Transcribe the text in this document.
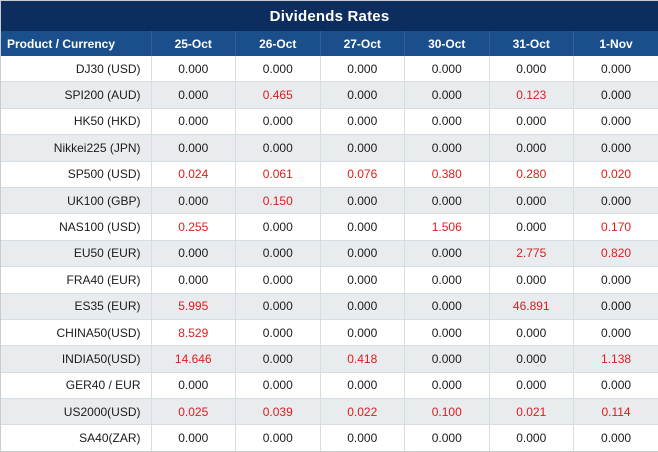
Dividends Rates						
Product / Currency	25-Oct	26-Oct	27-Oct	30-Oct	31-Oct	1-Nov
DJ30 (USD)	0.000	0.000	0.000	0.000	0.000	0.000
SPI200 (AUD)	0.000	0.465	0.000	0.000	0.123	0.000
HK50 (HKD)	0.000	0.000	0.000	0.000	0.000	0.000
Nikkei225 (JPN)	0.000	0.000	0.000	0.000	0.000	0.000
SP500 (USD)	0.024	0.061	0.076	0.380	0.280	0.020
UK100 (GBP)	0.000	0.150	0.000	0.000	0.000	0.000
NAS100 (USD)	0.255	0.000	0.000	1.506	0.000	0.170
EU50 (EUR)	0.000	0.000	0.000	0.000	2.775	0.820
FRA40 (EUR)	0.000	0.000	0.000	0.000	0.000	0.000
ES35 (EUR)	5.995	0.000	0.000	0.000	46.891	0.000
CHINA50(USD)	8.529	0.000	0.000	0.000	0.000	0.000
INDIA50(USD)	14.646	0.000	0.418	0.000	0.000	1.138
GER40 / EUR	0.000	0.000	0.000	0.000	0.000	0.000
US2000(USD)	0.025	0.039	0.022	0.100	0.021	0.114
SA40(ZAR)	0.000	0.000	0.000	0.000	0.000	0.000
